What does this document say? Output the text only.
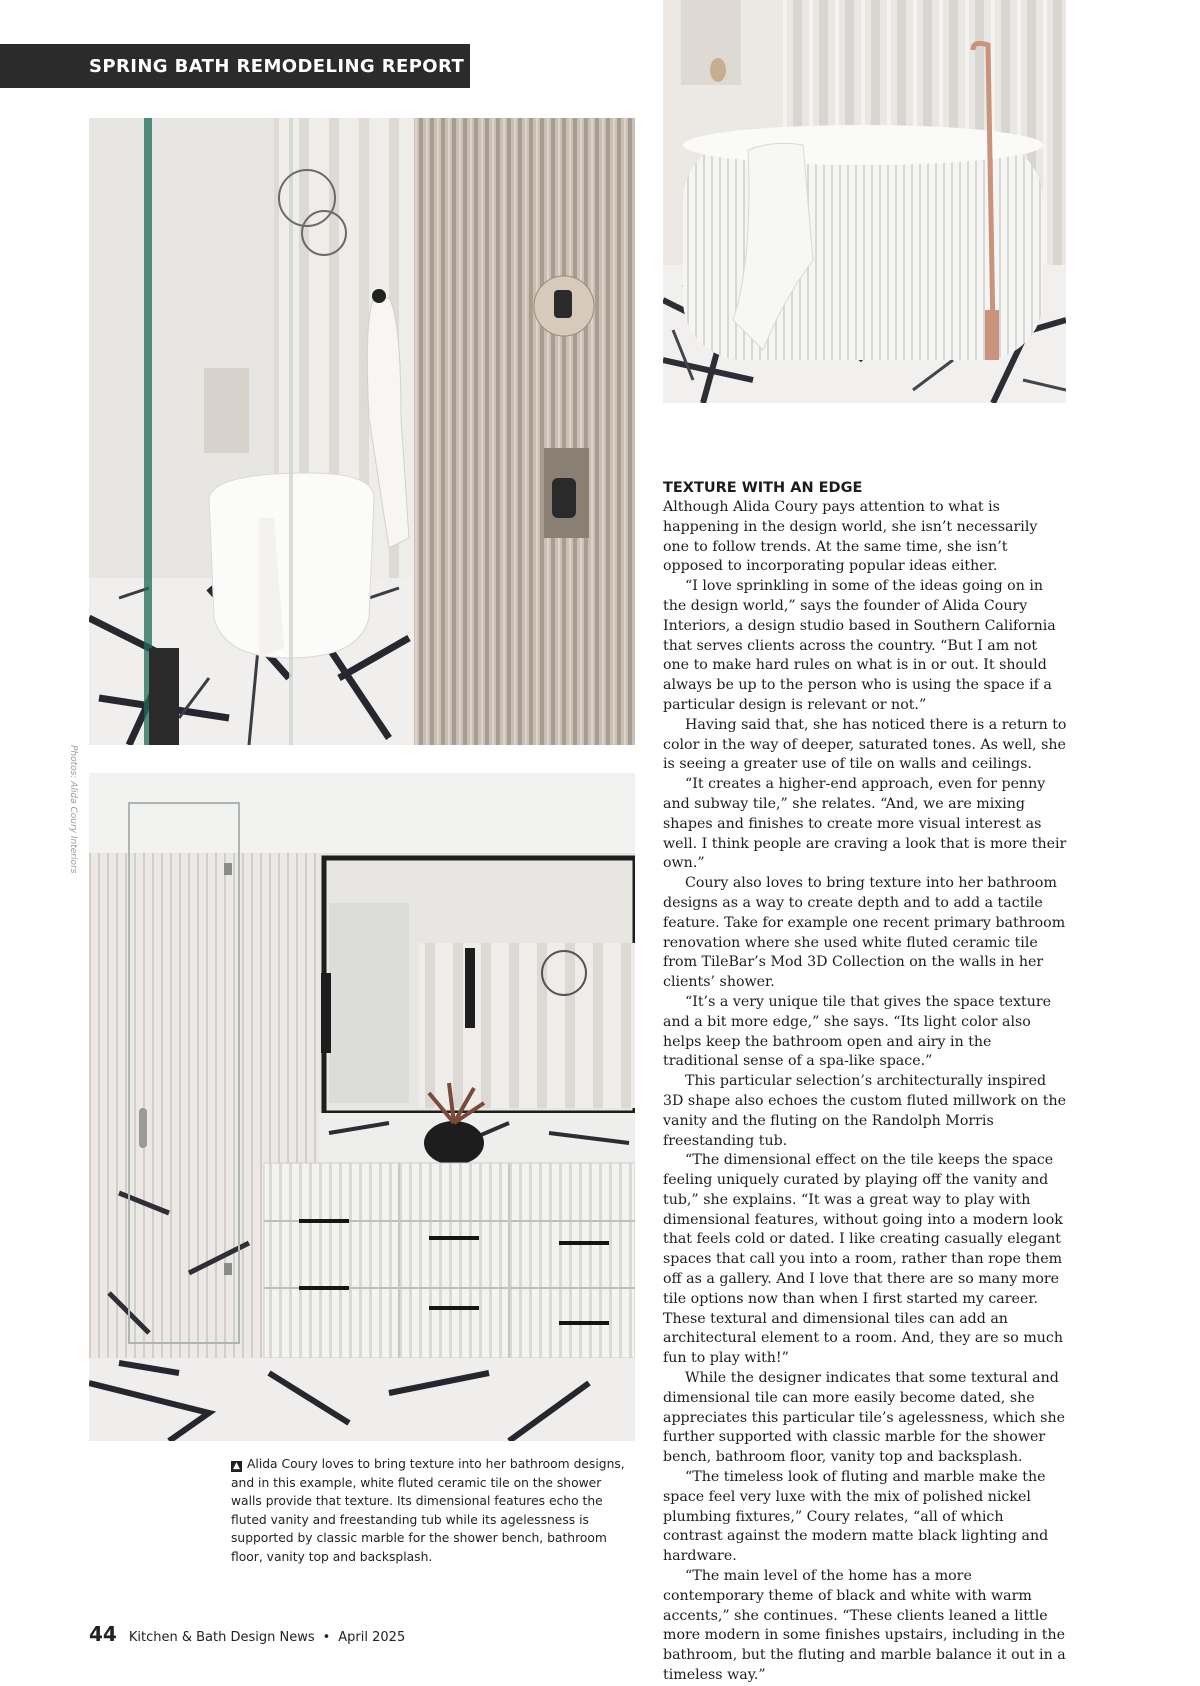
SPRING BATH REMODELING REPORT
Photos: Alida Coury Interiors
TEXTURE WITH AN EDGE

Although Alida Coury pays attention to what is happening in the design world, she isn’t necessarily one to follow trends. At the same time, she isn’t opposed to incorporating popular ideas either.

“I love sprinkling in some of the ideas going on in the design world,” says the founder of Alida Coury Interiors, a design studio based in Southern California that serves clients across the country. “But I am not one to make hard rules on what is in or out. It should always be up to the person who is using the space if a particular design is relevant or not.”

Having said that, she has noticed there is a return to color in the way of deeper, saturated tones. As well, she is seeing a greater use of tile on walls and ceilings.

“It creates a higher-end approach, even for penny and subway tile,” she relates. “And, we are mixing shapes and finishes to create more visual interest as well. I think people are craving a look that is more their own.”

Coury also loves to bring texture into her bathroom designs as a way to create depth and to add a tactile feature. Take for example one recent primary bathroom renovation where she used white fluted ceramic tile from TileBar’s Mod 3D Collection on the walls in her clients’ shower.

“It’s a very unique tile that gives the space texture and a bit more edge,” she says. “Its light color also helps keep the bathroom open and airy in the traditional sense of a spa-like space.”

This particular selection’s architecturally inspired 3D shape also echoes the custom fluted millwork on the vanity and the fluting on the Randolph Morris freestanding tub.

“The dimensional effect on the tile keeps the space feeling uniquely curated by playing off the vanity and tub,” she explains. “It was a great way to play with dimensional features, without going into a modern look that feels cold or dated. I like creating casually elegant spaces that call you into a room, rather than rope them off as a gallery. And I love that there are so many more tile options now than when I first started my career. These textural and dimensional tiles can add an architectural element to a room. And, they are so much fun to play with!”

While the designer indicates that some textural and dimensional tile can more easily become dated, she appreciates this particular tile’s agelessness, which she further supported with classic marble for the shower bench, bathroom floor, vanity top and backsplash.

“The timeless look of fluting and marble make the space feel very luxe with the mix of polished nickel plumbing fixtures,” Coury relates, “all of which contrast against the modern matte black lighting and hardware.

“The main level of the home has a more contemporary theme of black and white with warm accents,” she continues. “These clients leaned a little more modern in some finishes upstairs, including in the bathroom, but the fluting and marble balance it out in a timeless way.”

▲ Alida Coury loves to bring texture into her bathroom designs, and in this example, white fluted ceramic tile on the shower walls provide that texture. Its dimensional features echo the fluted vanity and freestanding tub while its agelessness is supported by classic marble for the shower bench, bathroom floor, vanity top and backsplash.
44 Kitchen & Bath Design News • April 2025
